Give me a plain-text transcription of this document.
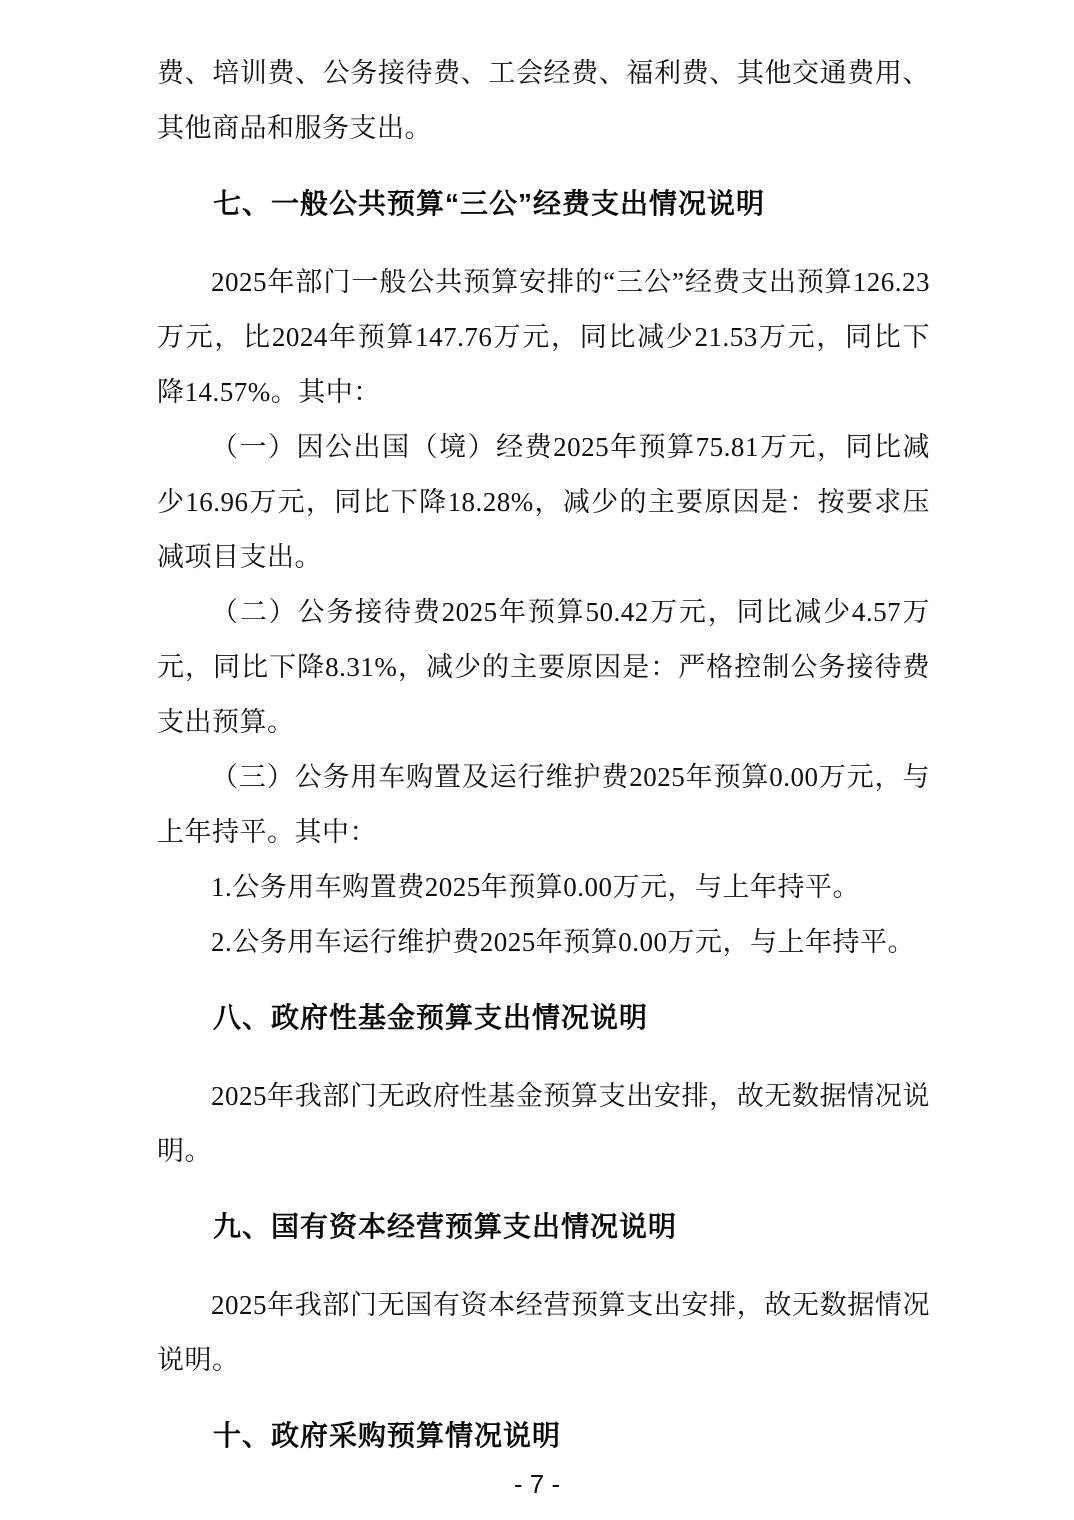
费、培训费、公务接待费、工会经费、福利费、其他交通费用、其他商品和服务支出。

七、一般公共预算“三公”经费支出情况说明

2025年部门一般公共预算安排的“三公”经费支出预算126.23万元，比2024年预算147.76万元，同比减少21.53万元，同比下降14.57%。其中：

（一）因公出国（境）经费2025年预算75.81万元，同比减少16.96万元，同比下降18.28%，减少的主要原因是：按要求压减项目支出。

（二）公务接待费2025年预算50.42万元，同比减少4.57万元，同比下降8.31%，减少的主要原因是：严格控制公务接待费支出预算。

（三）公务用车购置及运行维护费2025年预算0.00万元，与上年持平。其中：

1.公务用车购置费2025年预算0.00万元，与上年持平。

2.公务用车运行维护费2025年预算0.00万元，与上年持平。

八、政府性基金预算支出情况说明

2025年我部门无政府性基金预算支出安排，故无数据情况说明。

九、国有资本经营预算支出情况说明

2025年我部门无国有资本经营预算支出安排，故无数据情况说明。

十、政府采购预算情况说明
- 7 -
